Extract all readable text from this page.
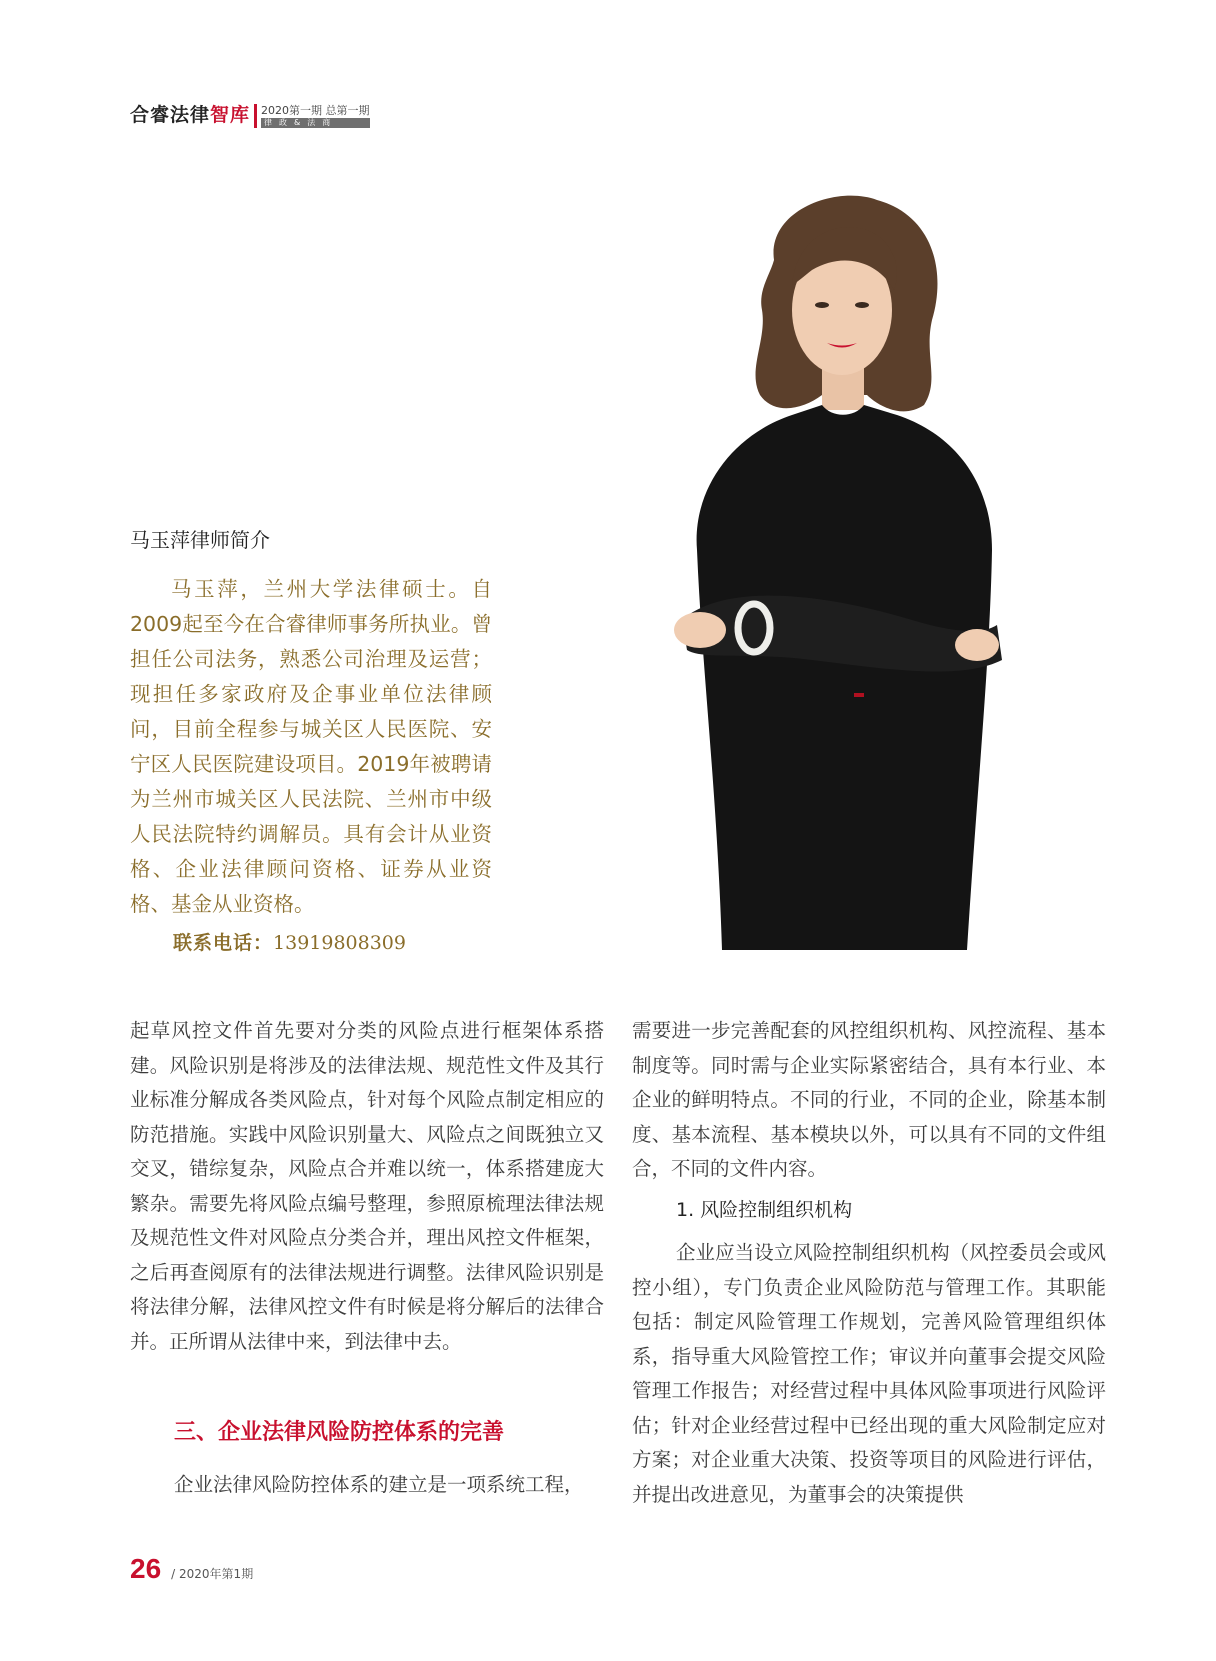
合睿法律智库 2020第一期 总第一期
律政&法商
马玉萍律师简介

马玉萍，兰州大学法律硕士。自2009起至今在合睿律师事务所执业。曾担任公司法务，熟悉公司治理及运营；现担任多家政府及企事业单位法律顾问，目前全程参与城关区人民医院、安宁区人民医院建设项目。2019年被聘请为兰州市城关区人民法院、兰州市中级人民法院特约调解员。具有会计从业资格、企业法律顾问资格、证券从业资格、基金从业资格。

联系电话：13919808309

起草风控文件首先要对分类的风险点进行框架体系搭建。风险识别是将涉及的法律法规、规范性文件及其行业标准分解成各类风险点，针对每个风险点制定相应的防范措施。实践中风险识别量大、风险点之间既独立又交叉，错综复杂，风险点合并难以统一，体系搭建庞大繁杂。需要先将风险点编号整理，参照原梳理法律法规及规范性文件对风险点分类合并，理出风控文件框架，之后再查阅原有的法律法规进行调整。法律风险识别是将法律分解，法律风控文件有时候是将分解后的法律合并。正所谓从法律中来，到法律中去。

三、企业法律风险防控体系的完善

企业法律风险防控体系的建立是一项系统工程，

需要进一步完善配套的风控组织机构、风控流程、基本制度等。同时需与企业实际紧密结合，具有本行业、本企业的鲜明特点。不同的行业，不同的企业，除基本制度、基本流程、基本模块以外，可以具有不同的文件组合，不同的文件内容。

1. 风险控制组织机构

企业应当设立风险控制组织机构（风控委员会或风控小组），专门负责企业风险防范与管理工作。其职能包括：制定风险管理工作规划，完善风险管理组织体系，指导重大风险管控工作；审议并向董事会提交风险管理工作报告；对经营过程中具体风险事项进行风险评估；针对企业经营过程中已经出现的重大风险制定应对方案；对企业重大决策、投资等项目的风险进行评估，并提出改进意见，为董事会的决策提供

26 / 2020年第1期
